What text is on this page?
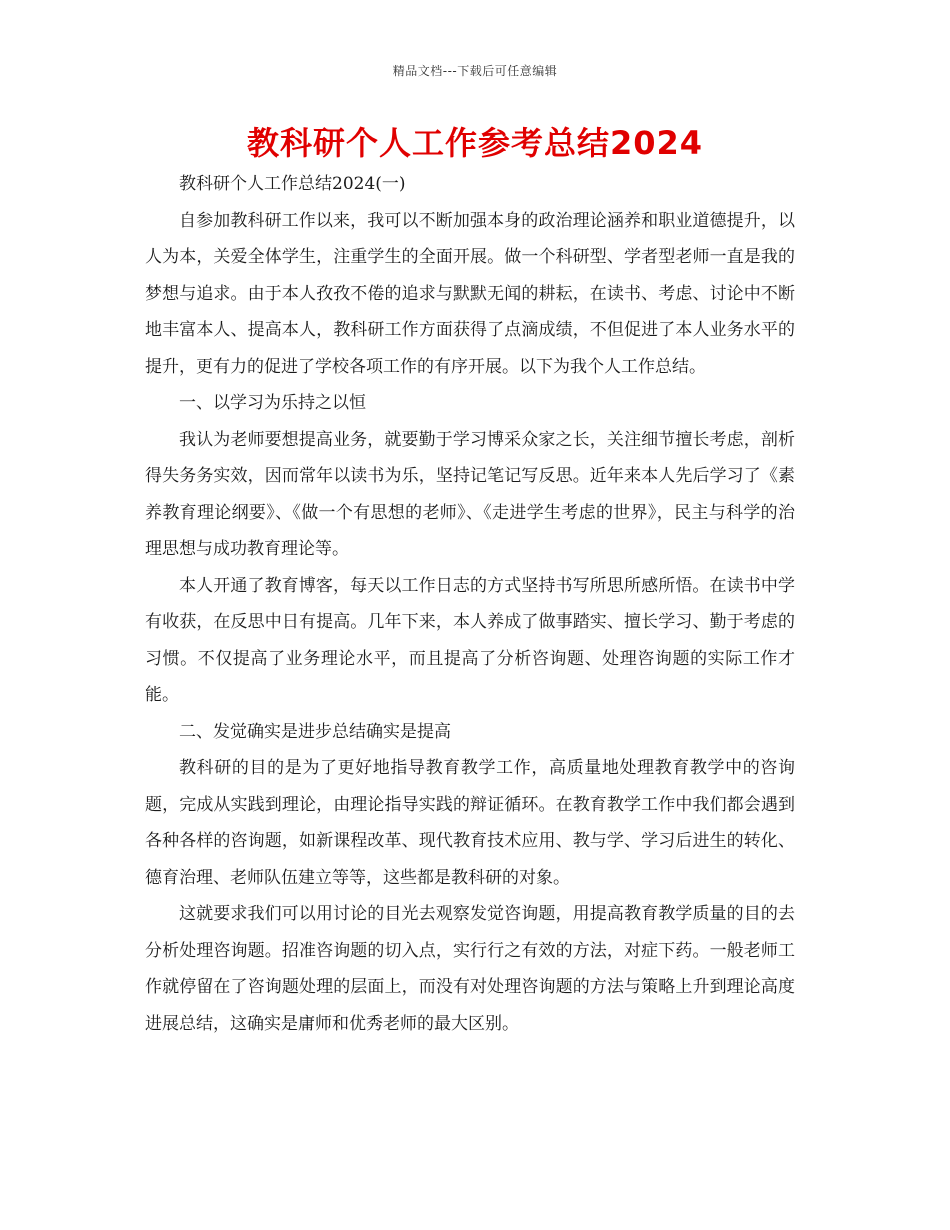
精品文档---下载后可任意编辑
教科研个人工作参考总结2024

教科研个人工作总结2024(一)

自参加教科研工作以来，我可以不断加强本身的政治理论涵养和职业道德提升，以人为本，关爱全体学生，注重学生的全面开展。做一个科研型、学者型老师一直是我的梦想与追求。由于本人孜孜不倦的追求与默默无闻的耕耘，在读书、考虑、讨论中不断地丰富本人、提高本人，教科研工作方面获得了点滴成绩，不但促进了本人业务水平的提升，更有力的促进了学校各项工作的有序开展。以下为我个人工作总结。

一、以学习为乐持之以恒

我认为老师要想提高业务，就要勤于学习博采众家之长，关注细节擅长考虑，剖析得失务务实效，因而常年以读书为乐，坚持记笔记写反思。近年来本人先后学习了《素养教育理论纲要》、《做一个有思想的老师》、《走进学生考虑的世界》，民主与科学的治理思想与成功教育理论等。

本人开通了教育博客，每天以工作日志的方式坚持书写所思所感所悟。在读书中学有收获，在反思中日有提高。几年下来，本人养成了做事踏实、擅长学习、勤于考虑的习惯。不仅提高了业务理论水平，而且提高了分析咨询题、处理咨询题的实际工作才能。

二、发觉确实是进步总结确实是提高

教科研的目的是为了更好地指导教育教学工作，高质量地处理教育教学中的咨询题，完成从实践到理论，由理论指导实践的辩证循环。在教育教学工作中我们都会遇到各种各样的咨询题，如新课程改革、现代教育技术应用、教与学、学习后进生的转化、德育治理、老师队伍建立等等，这些都是教科研的对象。

这就要求我们可以用讨论的目光去观察发觉咨询题，用提高教育教学质量的目的去分析处理咨询题。招准咨询题的切入点，实行行之有效的方法，对症下药。一般老师工作就停留在了咨询题处理的层面上，而没有对处理咨询题的方法与策略上升到理论高度进展总结，这确实是庸师和优秀老师的最大区别。
